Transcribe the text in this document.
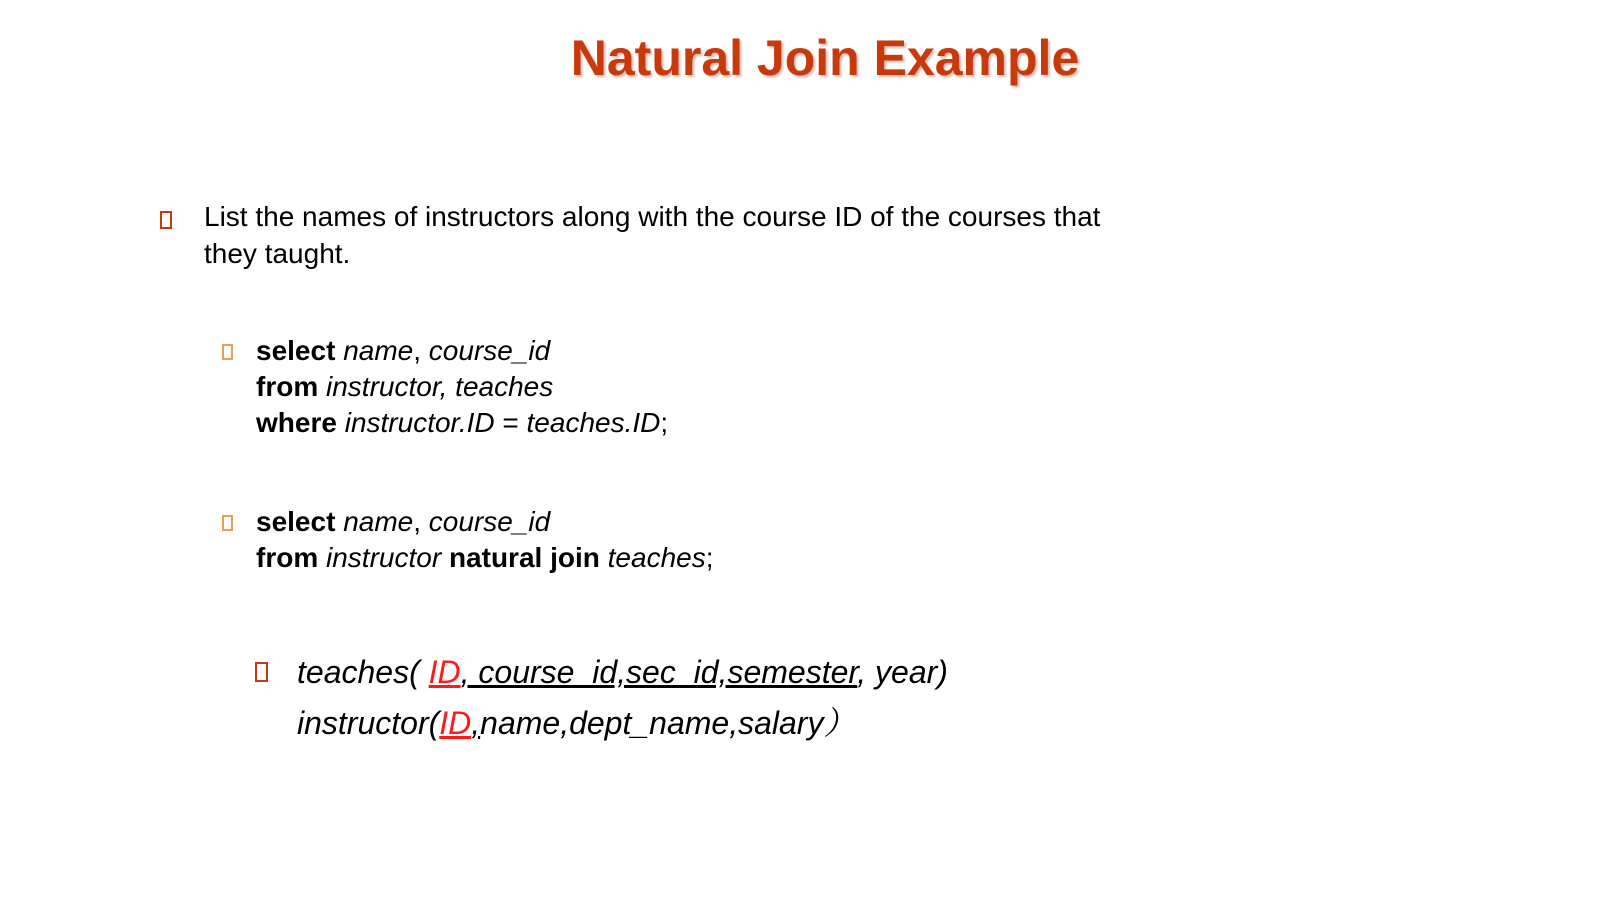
Natural Join Example
List the names of instructors along with the course ID of the courses that
they taught.
select name, course_id
from instructor, teaches
where instructor.ID = teaches.ID;
select name, course_id
from instructor natural join teaches;
teaches( ID, course_id,sec_id,semester, year)
instructor(ID,name,dept_name,salary）
